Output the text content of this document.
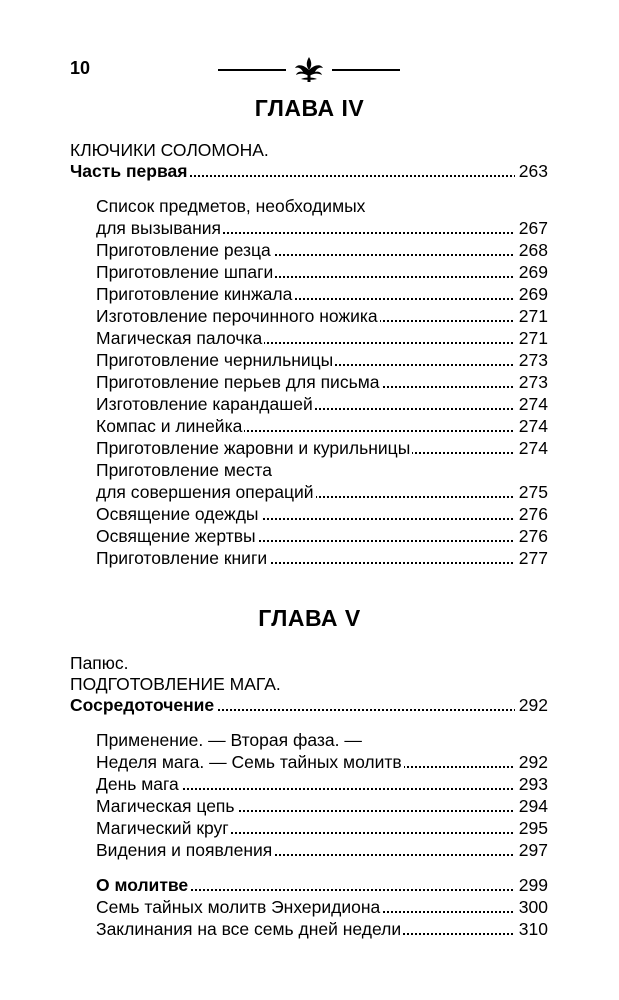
10
ГЛАВА IV
КЛЮЧИКИ СОЛОМОНА.
Часть первая	263
Список предметов, необходимых
для вызывания	267
Приготовление резца	268
Приготовление шпаги	269
Приготовление кинжала	269
Изготовление перочинного ножика	271
Магическая палочка	271
Приготовление чернильницы	273
Приготовление перьев для письма	273
Изготовление карандашей	274
Компас и линейка	274
Приготовление жаровни и курильницы	274
Приготовление места
для совершения операций	275
Освящение одежды	276
Освящение жертвы	276
Приготовление книги	277
ГЛАВА V
Папюс.
ПОДГОТОВЛЕНИЕ МАГА.
Сосредоточение	292
Применение. — Вторая фаза. —
Неделя мага. — Семь тайных молитв	292
День мага	293
Магическая цепь	294
Магический круг	295
Видения и появления	297
О молитве	299
Семь тайных молитв Энхеридиона	300
Заклинания на все семь дней недели	310
